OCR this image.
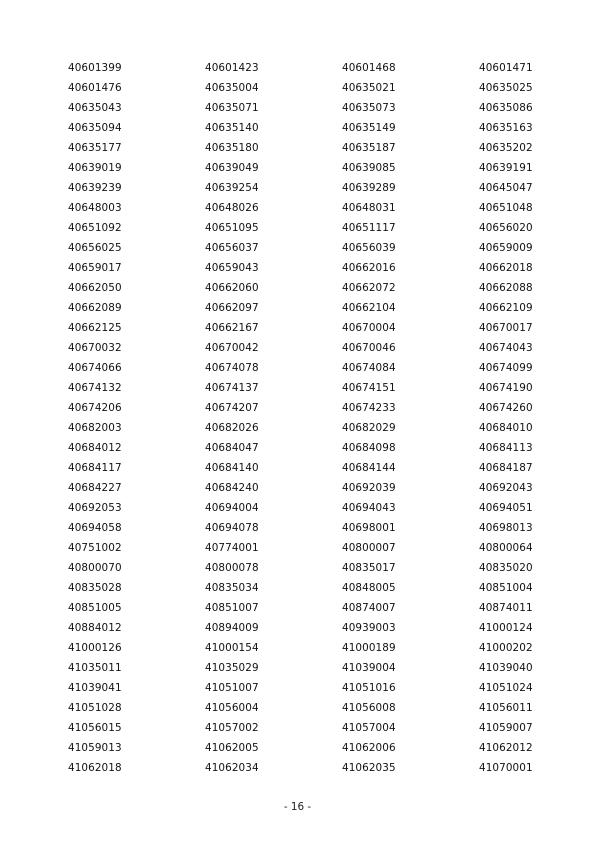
40601399	40601423	40601468	40601471
40601476	40635004	40635021	40635025
40635043	40635071	40635073	40635086
40635094	40635140	40635149	40635163
40635177	40635180	40635187	40635202
40639019	40639049	40639085	40639191
40639239	40639254	40639289	40645047
40648003	40648026	40648031	40651048
40651092	40651095	40651117	40656020
40656025	40656037	40656039	40659009
40659017	40659043	40662016	40662018
40662050	40662060	40662072	40662088
40662089	40662097	40662104	40662109
40662125	40662167	40670004	40670017
40670032	40670042	40670046	40674043
40674066	40674078	40674084	40674099
40674132	40674137	40674151	40674190
40674206	40674207	40674233	40674260
40682003	40682026	40682029	40684010
40684012	40684047	40684098	40684113
40684117	40684140	40684144	40684187
40684227	40684240	40692039	40692043
40692053	40694004	40694043	40694051
40694058	40694078	40698001	40698013
40751002	40774001	40800007	40800064
40800070	40800078	40835017	40835020
40835028	40835034	40848005	40851004
40851005	40851007	40874007	40874011
40884012	40894009	40939003	41000124
41000126	41000154	41000189	41000202
41035011	41035029	41039004	41039040
41039041	41051007	41051016	41051024
41051028	41056004	41056008	41056011
41056015	41057002	41057004	41059007
41059013	41062005	41062006	41062012
41062018	41062034	41062035	41070001
- 16 -
